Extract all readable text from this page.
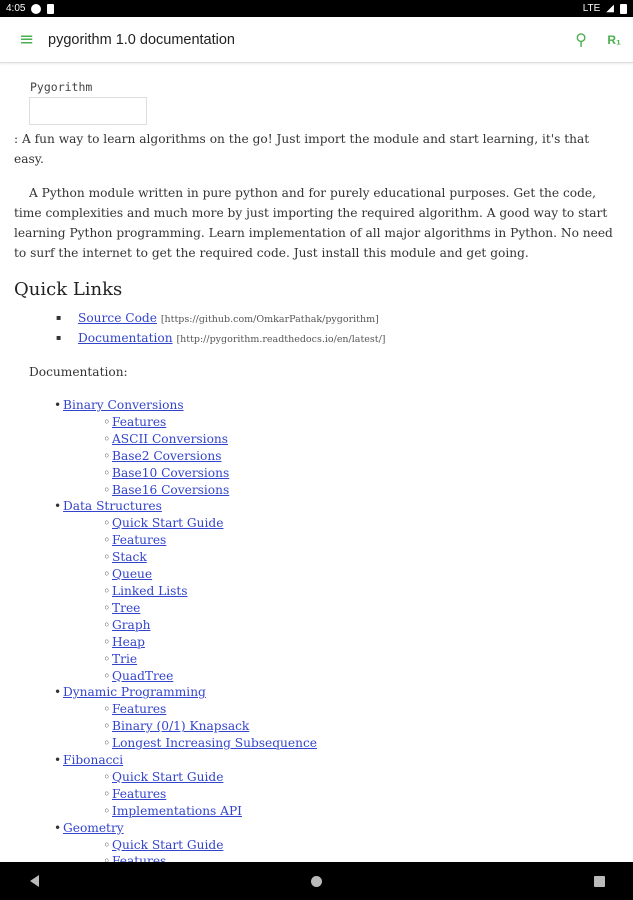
4:05	LTE ◢
≡ pygorithm 1.0 documentation	⚲ R₁
Pygorithm

: A fun way to learn algorithms on the go! Just import the module and start learning, it's that easy.

A Python module written in pure python and for purely educational purposes. Get the code, time complexities and much more by just importing the required algorithm. A good way to start learning Python programming. Learn implementation of all major algorithms in Python. No need to surf the internet to get the required code. Just install this module and get going.

Quick Links
▪ Source Code [https://github.com/OmkarPathak/pygorithm]
▪ Documentation [http://pygorithm.readthedocs.io/en/latest/]
Documentation:
• Binary Conversions
◦ Features
◦ ASCII Conversions
◦ Base2 Coversions
◦ Base10 Coversions
◦ Base16 Coversions
• Data Structures
◦ Quick Start Guide
◦ Features
◦ Stack
◦ Queue
◦ Linked Lists
◦ Tree
◦ Graph
◦ Heap
◦ Trie
◦ QuadTree
• Dynamic Programming
◦ Features
◦ Binary (0/1) Knapsack
◦ Longest Increasing Subsequence
• Fibonacci
◦ Quick Start Guide
◦ Features
◦ Implementations API
• Geometry
◦ Quick Start Guide
◦
◦
